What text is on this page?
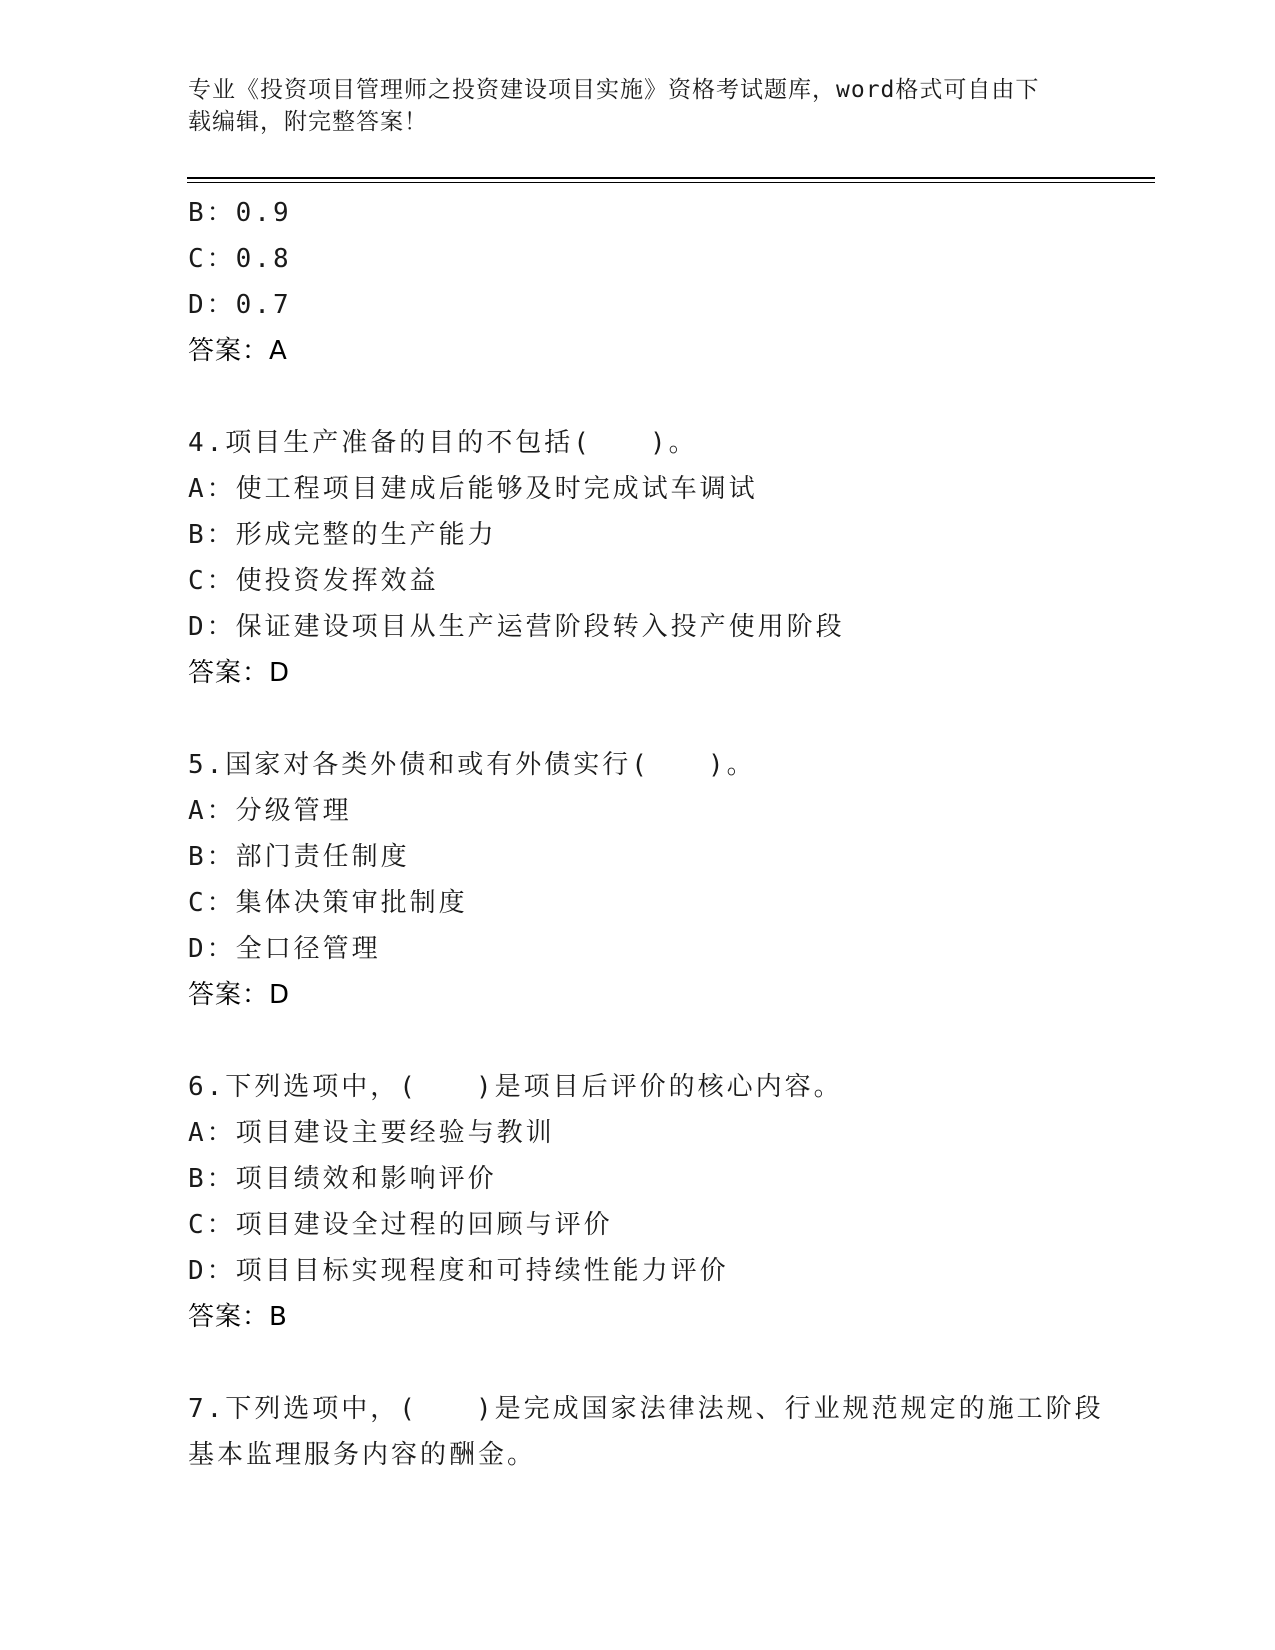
专业《投资项目管理师之投资建设项目实施》资格考试题库，word格式可自由下
载编辑，附完整答案！
B：0.9
C：0.8
D：0.7
答案：A
4.项目生产准备的目的不包括(　　)。
A：使工程项目建成后能够及时完成试车调试
B：形成完整的生产能力
C：使投资发挥效益
D：保证建设项目从生产运营阶段转入投产使用阶段
答案：D
5.国家对各类外债和或有外债实行(　　)。
A：分级管理
B：部门责任制度
C：集体决策审批制度
D：全口径管理
答案：D
6.下列选项中，(　　)是项目后评价的核心内容。
A：项目建设主要经验与教训
B：项目绩效和影响评价
C：项目建设全过程的回顾与评价
D：项目目标实现程度和可持续性能力评价
答案：B
7.下列选项中，(　　)是完成国家法律法规、行业规范规定的施工阶段
基本监理服务内容的酬金。
